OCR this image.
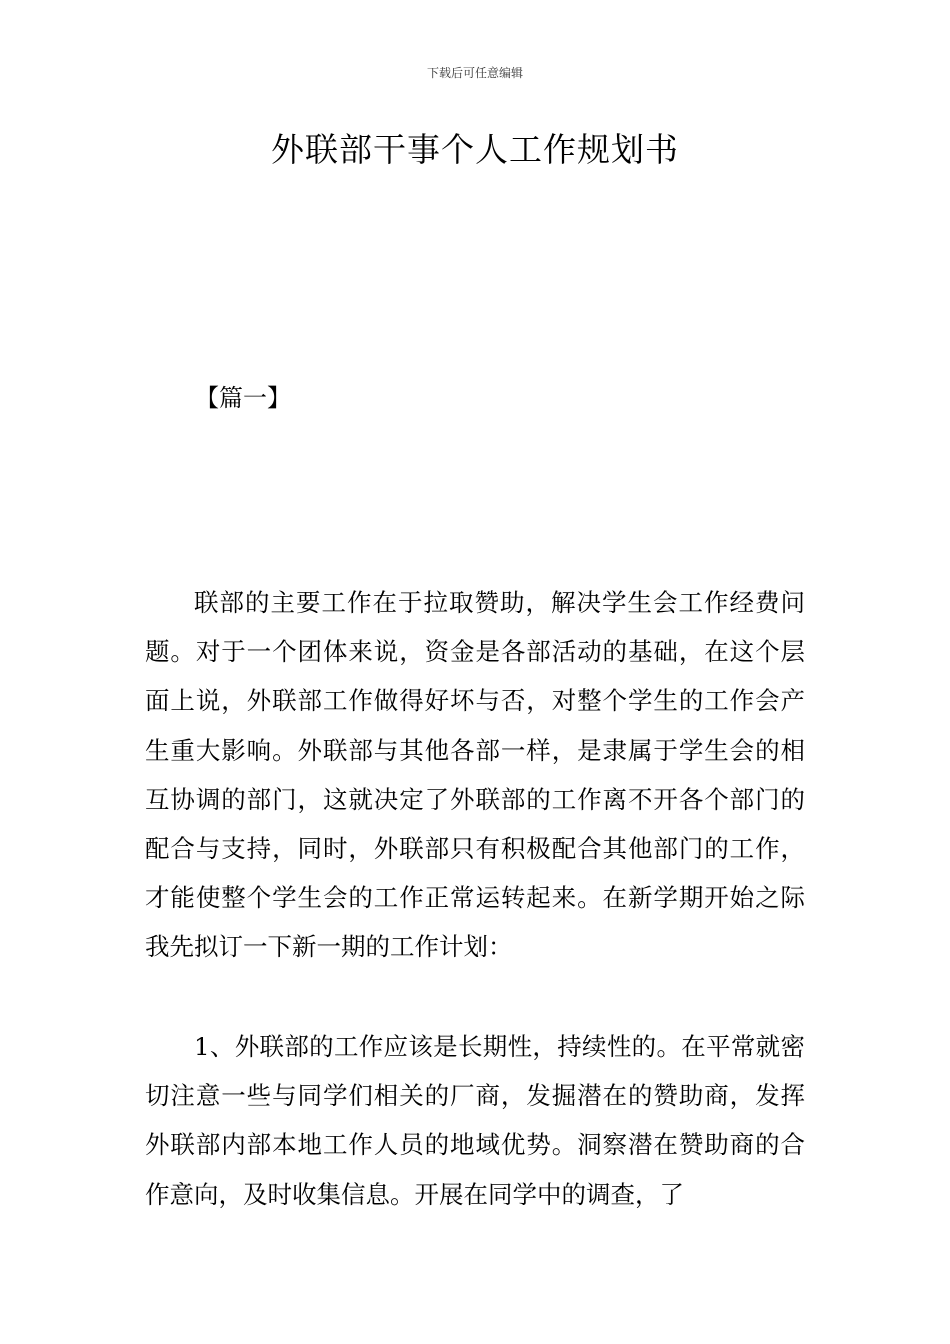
下载后可任意编辑
外联部干事个人工作规划书
【篇一】

联部的主要工作在于拉取赞助，解决学生会工作经费问题。对于一个团体来说，资金是各部活动的基础，在这个层面上说，外联部工作做得好坏与否，对整个学生的工作会产生重大影响。外联部与其他各部一样，是隶属于学生会的相互协调的部门，这就决定了外联部的工作离不开各个部门的配合与支持，同时，外联部只有积极配合其他部门的工作，才能使整个学生会的工作正常运转起来。在新学期开始之际我先拟订一下新一期的工作计划：

1、外联部的工作应该是长期性，持续性的。在平常就密切注意一些与同学们相关的厂商，发掘潜在的赞助商，发挥外联部内部本地工作人员的地域优势。洞察潜在赞助商的合作意向，及时收集信息。开展在同学中的调查，了
